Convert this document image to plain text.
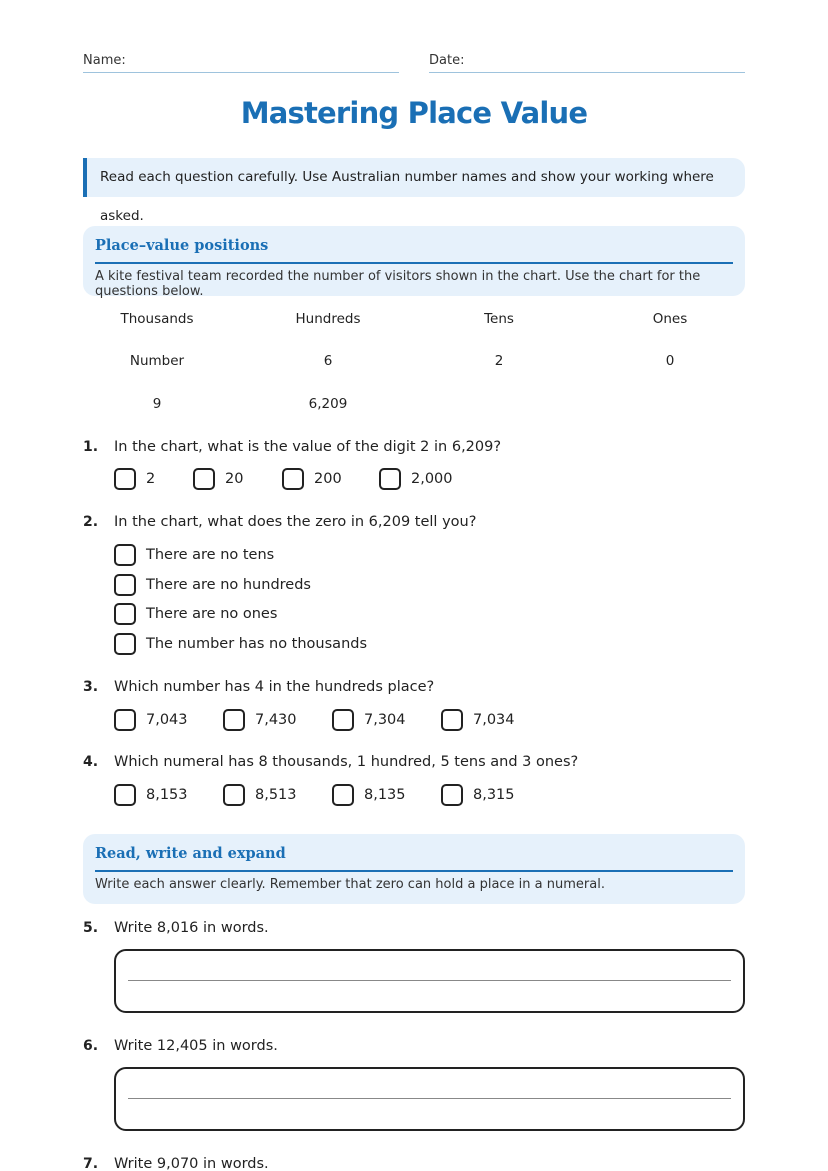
Name:	Date:
Mastering Place Value
Read each question carefully. Use Australian number names and show your working where asked.
Place–value positions
A kite festival team recorded the number of visitors shown in the chart. Use the chart for the questions below.
Thousands	Hundreds	Tens	Ones
Number	6	2	0
9	6,209
1. In the chart, what is the value of the digit 2 in 6,209?
2	20	200	2,000
2. In the chart, what does the zero in 6,209 tell you?
There are no tens
There are no hundreds
There are no ones
The number has no thousands
3. Which number has 4 in the hundreds place?
7,043	7,430	7,304	7,034
4. Which numeral has 8 thousands, 1 hundred, 5 tens and 3 ones?
8,153	8,513	8,135	8,315
Read, write and expand
Write each answer clearly. Remember that zero can hold a place in a numeral.
5. Write 8,016 in words.
6. Write 12,405 in words.
7. Write 9,070 in words.
